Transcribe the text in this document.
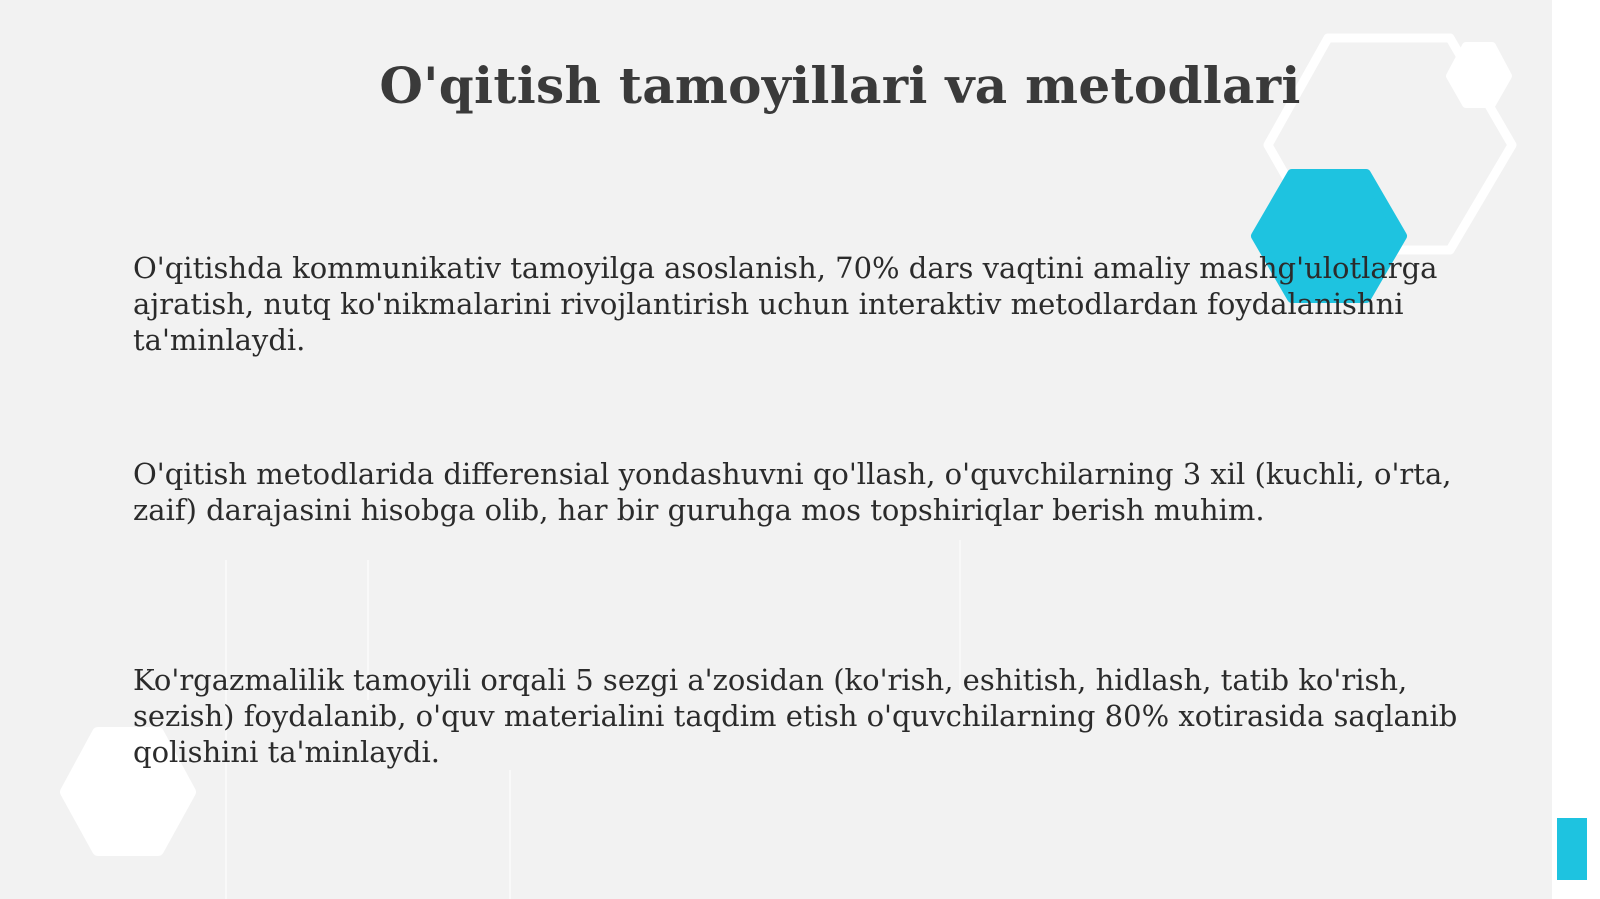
O'qitish tamoyillari va metodlari

O'qitishda kommunikativ tamoyilga asoslanish, 70% dars vaqtini amaliy mashg'ulotlarga ajratish, nutq ko'nikmalarini rivojlantirish uchun interaktiv metodlardan foydalanishni ta'minlaydi.

O'qitish metodlarida differensial yondashuvni qo'llash, o'quvchilarning 3 xil (kuchli, o'rta, zaif) darajasini hisobga olib, har bir guruhga mos topshiriqlar berish muhim.

Ko'rgazmalilik tamoyili orqali 5 sezgi a'zosidan (ko'rish, eshitish, hidlash, tatib ko'rish, sezish) foydalanib, o'quv materialini taqdim etish o'quvchilarning 80% xotirasida saqlanib qolishini ta'minlaydi.
